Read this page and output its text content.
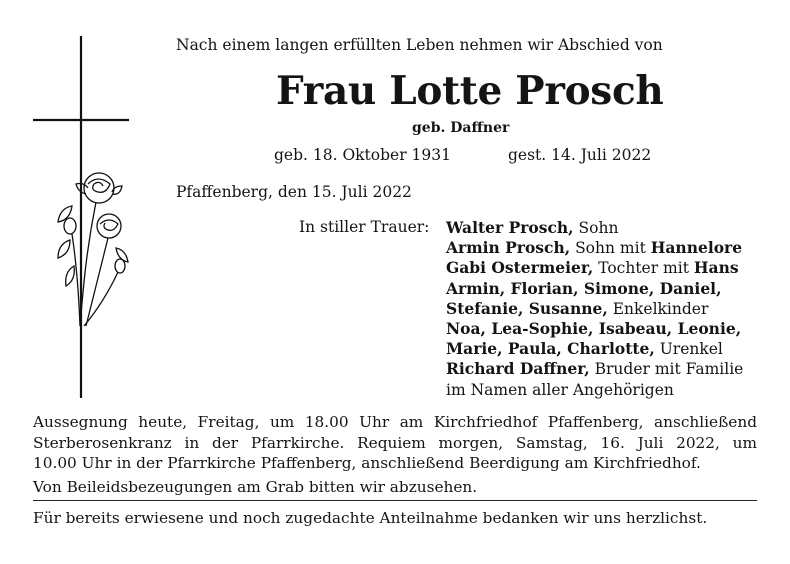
Nach einem langen erfüllten Leben nehmen wir Abschied von
Frau Lotte Prosch
geb. Daffner
geb. 18. Oktober 1931	gest. 14. Juli 2022
Pfaffenberg, den 15. Juli 2022
In stiller Trauer: Walter Prosch, Sohn
Armin Prosch, Sohn mit Hannelore
Gabi Ostermeier, Tochter mit Hans
Armin, Florian, Simone, Daniel,
Stefanie, Susanne, Enkelkinder
Noa, Lea-Sophie, Isabeau, Leonie,
Marie, Paula, Charlotte, Urenkel
Richard Daffner, Bruder mit Familie
im Namen aller Angehörigen
Aussegnung heute, Freitag, um 18.00 Uhr am Kirchfriedhof Pfaffenberg, anschließend
Sterberosenkranz in der Pfarrkirche. Requiem morgen, Samstag, 16. Juli 2022, um
10.00 Uhr in der Pfarrkirche Pfaffenberg, anschließend Beerdigung am Kirchfriedhof.
Von Beileidsbezeugungen am Grab bitten wir abzusehen.
Für bereits erwiesene und noch zugedachte Anteilnahme bedanken wir uns herzlichst.
